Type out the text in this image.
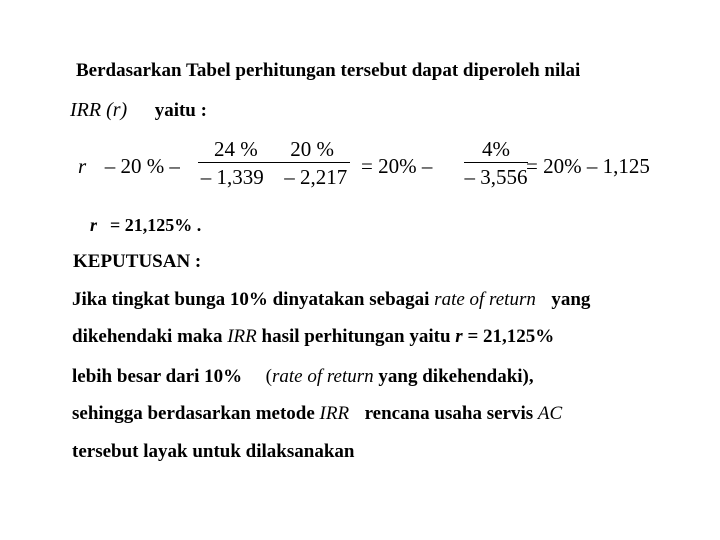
Berdasarkan Tabel perhitungan tersebut dapat diperoleh nilai
IRR (r) yaitu :
r – 20 % –
24 % 20 %
– 1,339 – 2,217 = 20% –
4%
– 3,556
= 20% – 1,125
r = 21,125% .
KEPUTUSAN :
Jika tingkat bunga 10% dinyatakan sebagai rate of return yang
dikehendaki maka IRR hasil perhitungan yaitu r = 21,125%
lebih besar dari 10% (rate of return yang dikehendaki),
sehingga berdasarkan metode IRR rencana usaha servis AC
tersebut layak untuk dilaksanakan
